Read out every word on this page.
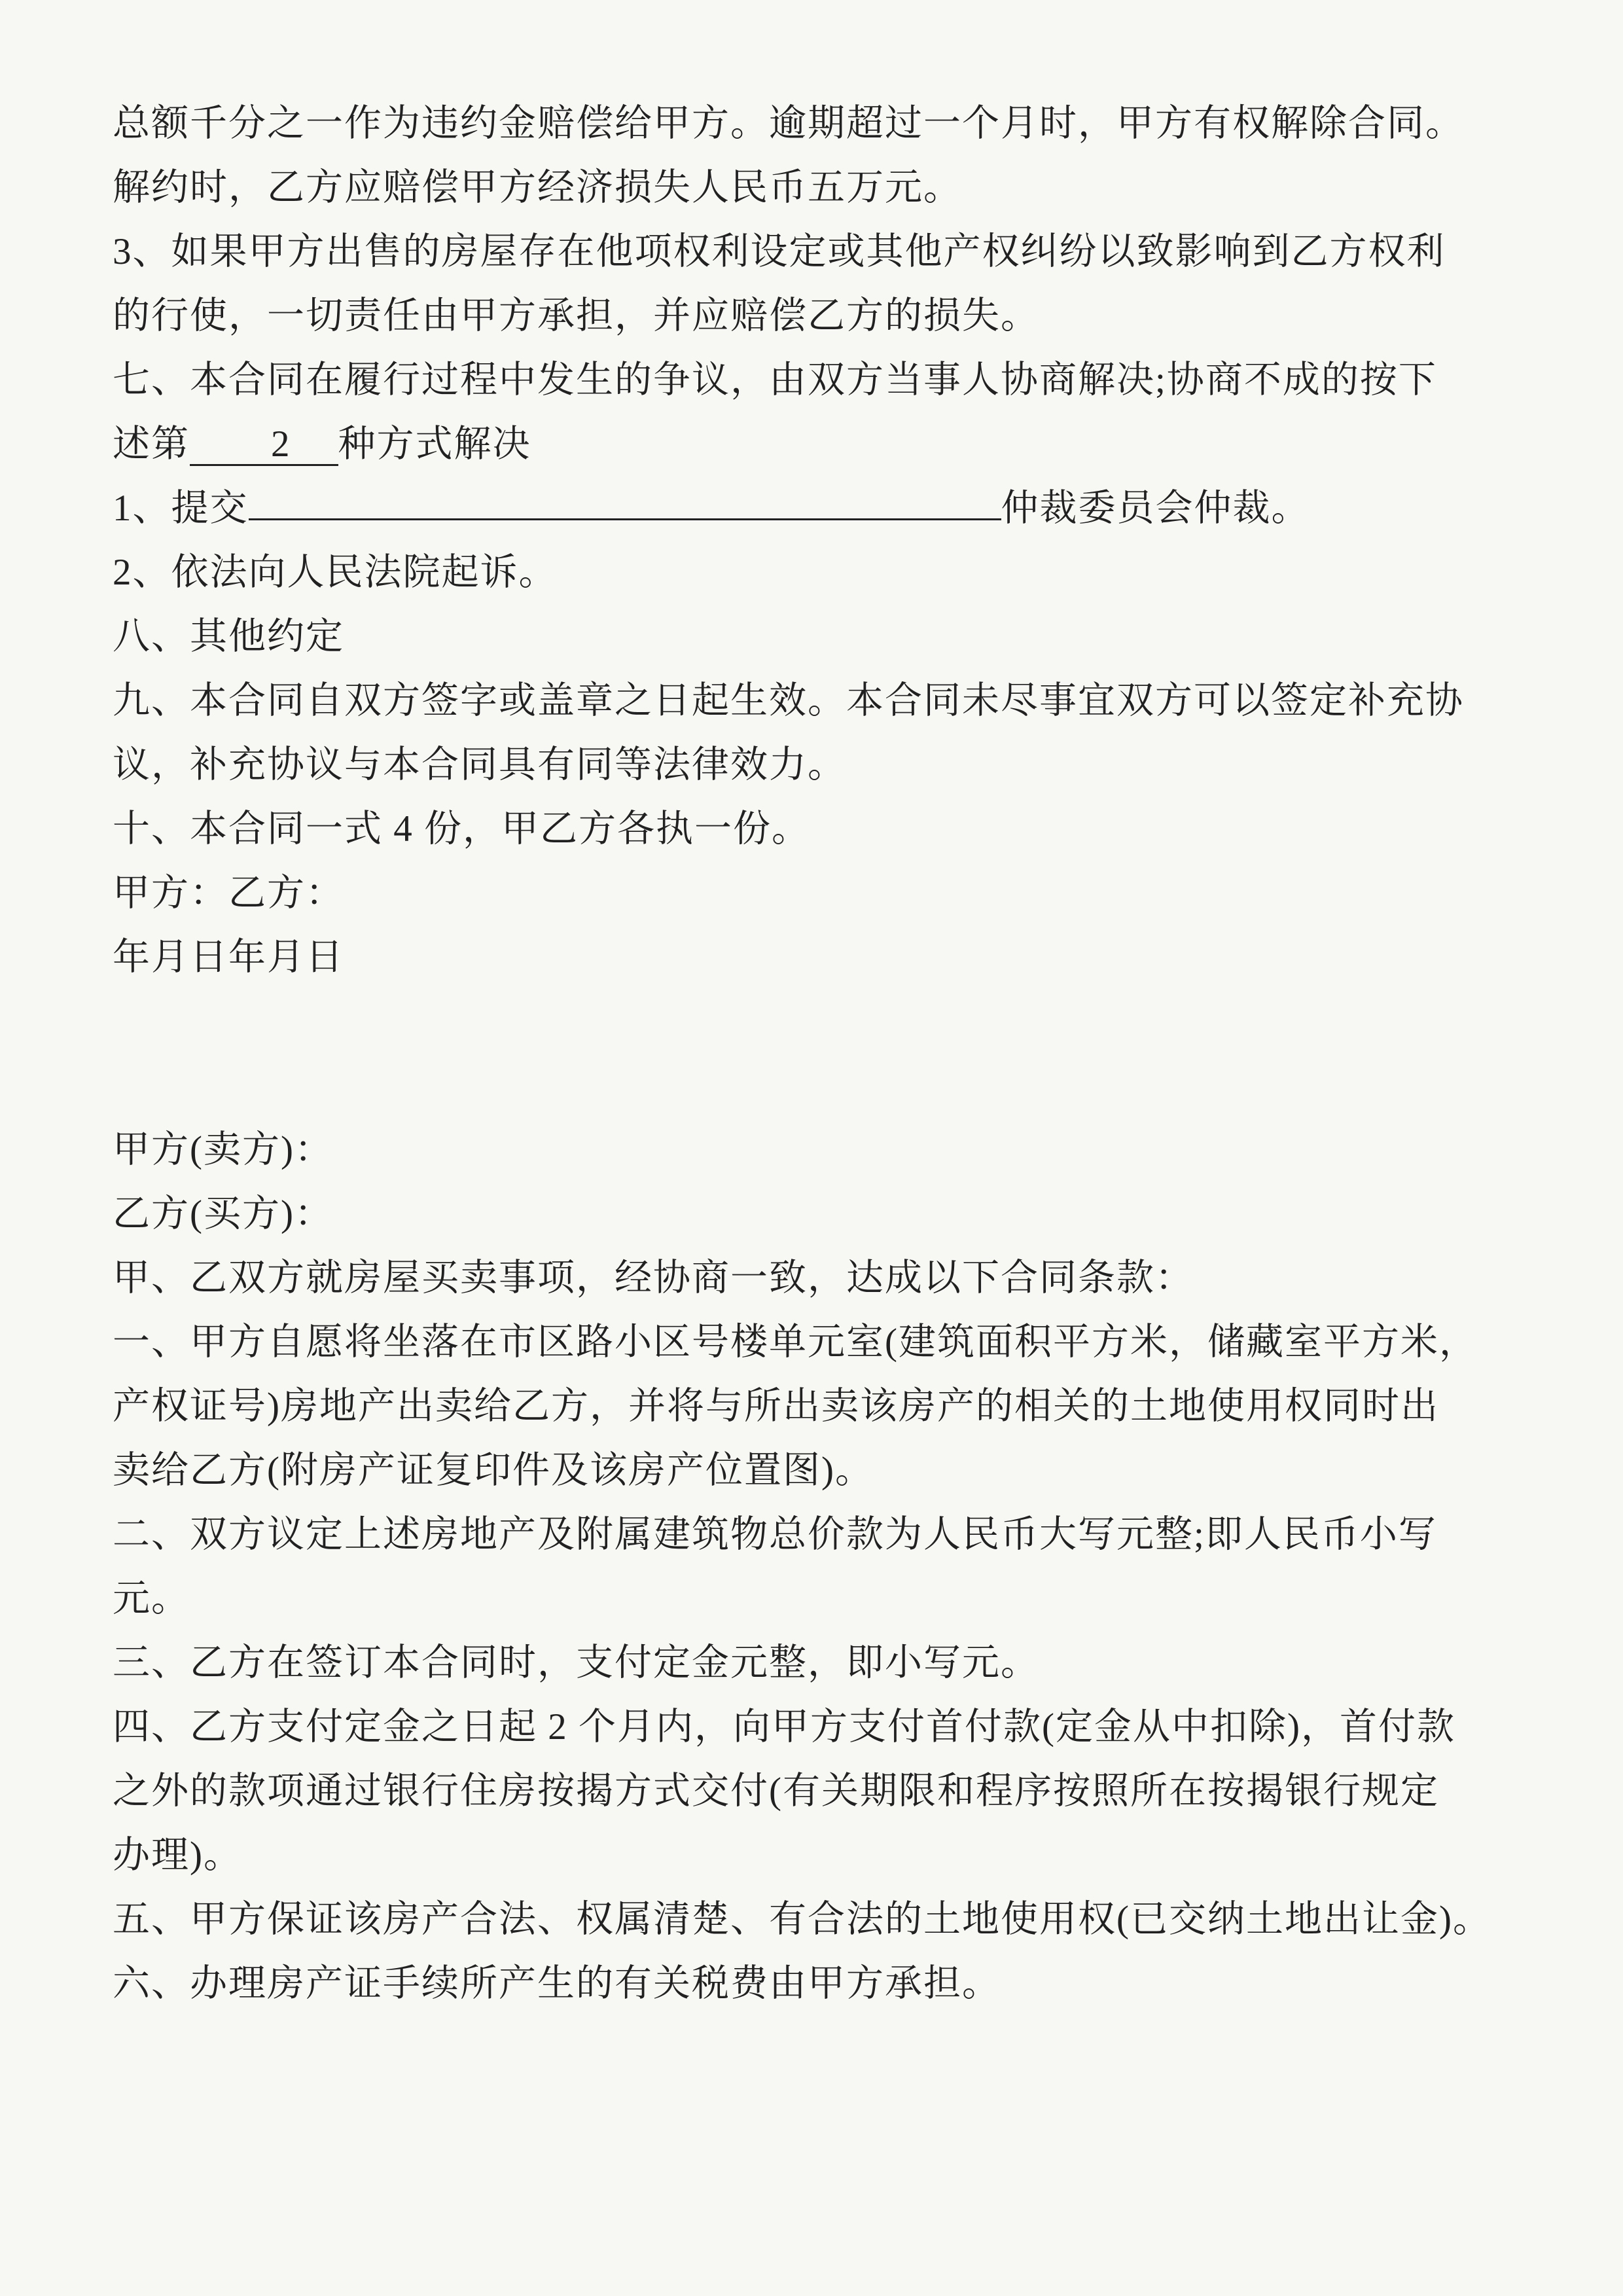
总额千分之一作为违约金赔偿给甲方。逾期超过一个月时，甲方有权解除合同。

解约时，乙方应赔偿甲方经济损失人民币五万元。

3、如果甲方出售的房屋存在他项权利设定或其他产权纠纷以致影响到乙方权利

的行使，一切责任由甲方承担，并应赔偿乙方的损失。

七、本合同在履行过程中发生的争议，由双方当事人协商解决;协商不成的按下

述第 2 种方式解决

1、提交	仲裁委员会仲裁。

2、依法向人民法院起诉。

八、其他约定

九、本合同自双方签字或盖章之日起生效。本合同未尽事宜双方可以签定补充协

议，补充协议与本合同具有同等法律效力。

十、本合同一式 4 份，甲乙方各执一份。

甲方：乙方：

年月日年月日

甲方(卖方)：

乙方(买方)：

甲、乙双方就房屋买卖事项，经协商一致，达成以下合同条款：

一、甲方自愿将坐落在市区路小区号楼单元室(建筑面积平方米，储藏室平方米，

产权证号)房地产出卖给乙方，并将与所出卖该房产的相关的土地使用权同时出

卖给乙方(附房产证复印件及该房产位置图)。

二、双方议定上述房地产及附属建筑物总价款为人民币大写元整;即人民币小写

元。

三、乙方在签订本合同时，支付定金元整，即小写元。

四、乙方支付定金之日起 2 个月内，向甲方支付首付款(定金从中扣除)，首付款

之外的款项通过银行住房按揭方式交付(有关期限和程序按照所在按揭银行规定

办理)。

五、甲方保证该房产合法、权属清楚、有合法的土地使用权(已交纳土地出让金)。

六、办理房产证手续所产生的有关税费由甲方承担。
